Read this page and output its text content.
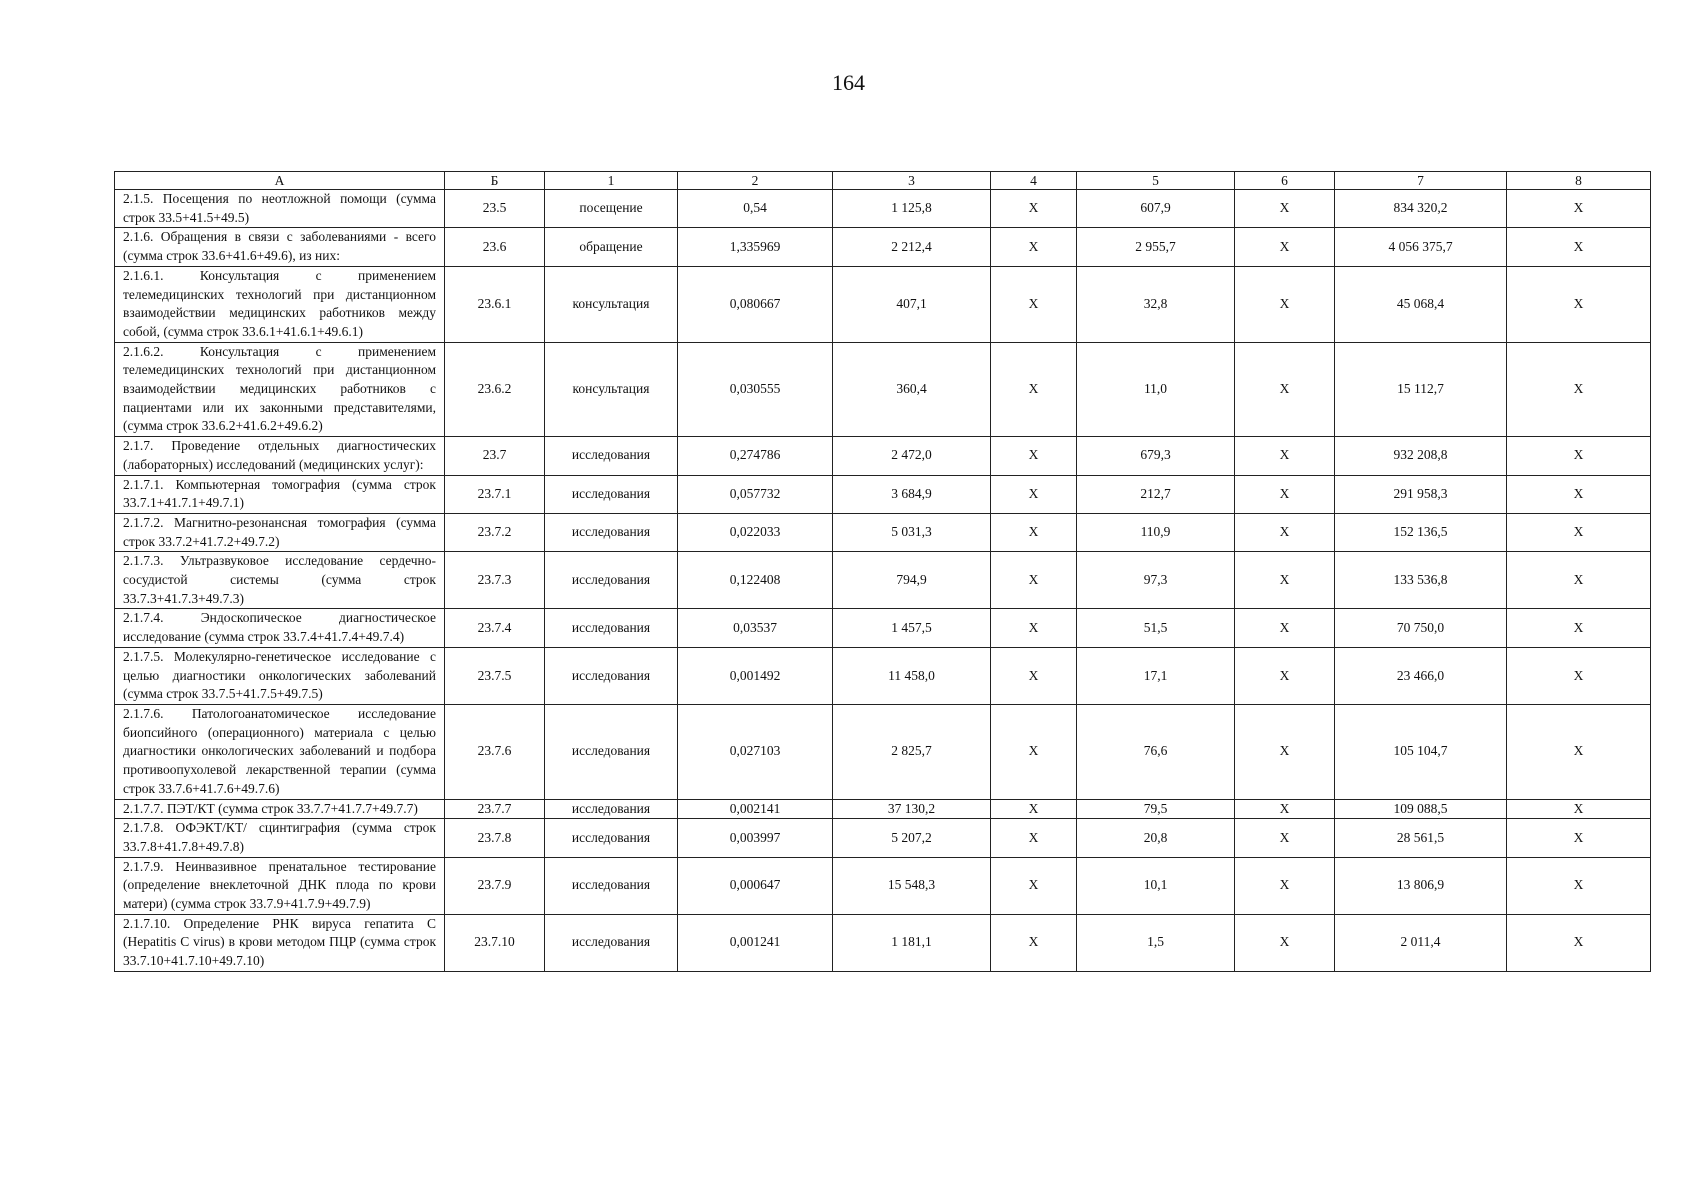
164
А	Б	1	2	3	4	5	6	7	8
2.1.5. Посещения по неотложной помощи (сумма строк 33.5+41.5+49.5)	23.5	посещение	0,54	1 125,8	Х	607,9	Х	834 320,2	Х
2.1.6. Обращения в связи с заболеваниями - всего (сумма строк 33.6+41.6+49.6), из них:	23.6	обращение	1,335969	2 212,4	Х	2 955,7	Х	4 056 375,7	Х
2.1.6.1. Консультация с применением телемедицинских технологий при дистанционном взаимодействии медицинских работников между собой, (сумма строк 33.6.1+41.6.1+49.6.1)	23.6.1	консультация	0,080667	407,1	Х	32,8	Х	45 068,4	Х
2.1.6.2. Консультация с применением телемедицинских технологий при дистанционном взаимодействии медицинских работников с пациентами или их законными представителями, (сумма строк 33.6.2+41.6.2+49.6.2)	23.6.2	консультация	0,030555	360,4	Х	11,0	Х	15 112,7	Х
2.1.7. Проведение отдельных диагностических (лабораторных) исследований (медицинских услуг):	23.7	исследования	0,274786	2 472,0	Х	679,3	Х	932 208,8	Х
2.1.7.1. Компьютерная томография (сумма строк 33.7.1+41.7.1+49.7.1)	23.7.1	исследования	0,057732	3 684,9	Х	212,7	Х	291 958,3	Х
2.1.7.2. Магнитно-резонансная томография (сумма строк 33.7.2+41.7.2+49.7.2)	23.7.2	исследования	0,022033	5 031,3	Х	110,9	Х	152 136,5	Х
2.1.7.3. Ультразвуковое исследование сердечно-сосудистой системы (сумма строк 33.7.3+41.7.3+49.7.3)	23.7.3	исследования	0,122408	794,9	Х	97,3	Х	133 536,8	Х
2.1.7.4. Эндоскопическое диагностическое исследование (сумма строк 33.7.4+41.7.4+49.7.4)	23.7.4	исследования	0,03537	1 457,5	Х	51,5	Х	70 750,0	Х
2.1.7.5. Молекулярно-генетическое исследование с целью диагностики онкологических заболеваний (сумма строк 33.7.5+41.7.5+49.7.5)	23.7.5	исследования	0,001492	11 458,0	Х	17,1	Х	23 466,0	Х
2.1.7.6. Патологоанатомическое исследование биопсийного (операционного) материала с целью диагностики онкологических заболеваний и подбора противоопухолевой лекарственной терапии (сумма строк 33.7.6+41.7.6+49.7.6)	23.7.6	исследования	0,027103	2 825,7	Х	76,6	Х	105 104,7	Х
2.1.7.7. ПЭТ/КТ (сумма строк 33.7.7+41.7.7+49.7.7)	23.7.7	исследования	0,002141	37 130,2	Х	79,5	Х	109 088,5	Х
2.1.7.8. ОФЭКТ/КТ/ сцинтиграфия (сумма строк 33.7.8+41.7.8+49.7.8)	23.7.8	исследования	0,003997	5 207,2	Х	20,8	Х	28 561,5	Х
2.1.7.9. Неинвазивное пренатальное тестирование (определение внеклеточной ДНК плода по крови матери) (сумма строк 33.7.9+41.7.9+49.7.9)	23.7.9	исследования	0,000647	15 548,3	Х	10,1	Х	13 806,9	Х
2.1.7.10. Определение РНК вируса гепатита С (Hepatitis C virus) в крови методом ПЦР (сумма строк 33.7.10+41.7.10+49.7.10)	23.7.10	исследования	0,001241	1 181,1	Х	1,5	Х	2 011,4	Х
